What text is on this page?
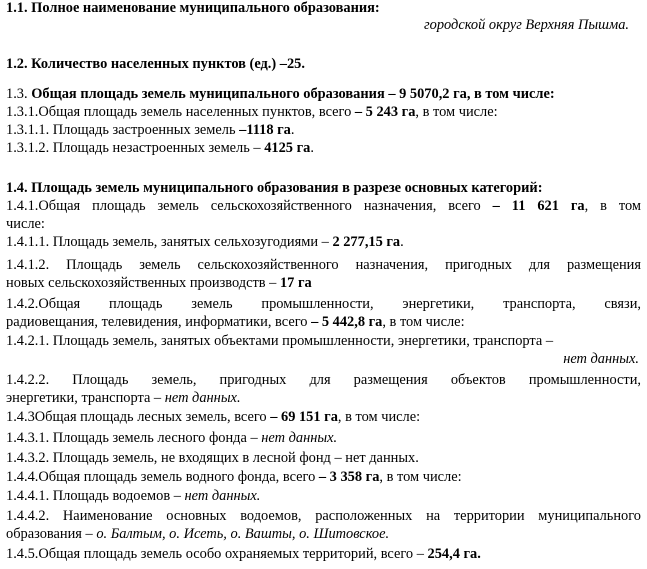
1.1. Полное наименование муниципального образования:
городской округ Верхняя Пышма.
1.2. Количество населенных пунктов (ед.) –25.
1.3. Общая площадь земель муниципального образования – 9 5070,2 га, в том числе:
1.3.1.Общая площадь земель населенных пунктов, всего – 5 243 га, в том числе:
1.3.1.1. Площадь застроенных земель –1118 га.
1.3.1.2. Площадь незастроенных земель – 4125 га.
1.4. Площадь земель муниципального образования в разрезе основных категорий:
1.4.1.Общая площадь земель сельскохозяйственного назначения, всего – 11 621 га, в том
числе:
1.4.1.1. Площадь земель, занятых сельхозугодиями – 2 277,15 га.
1.4.1.2. Площадь земель сельскохозяйственного назначения, пригодных для размещения
новых сельскохозяйственных производств – 17 га
1.4.2.Общая площадь земель промышленности, энергетики, транспорта, связи,
радиовещания, телевидения, информатики, всего – 5 442,8 га, в том числе:
1.4.2.1. Площадь земель, занятых объектами промышленности, энергетики, транспорта –
нет данных.
1.4.2.2. Площадь земель, пригодных для размещения объектов промышленности,
энергетики, транспорта – нет данных.
1.4.3Общая площадь лесных земель, всего – 69 151 га, в том числе:
1.4.3.1. Площадь земель лесного фонда – нет данных.
1.4.3.2. Площадь земель, не входящих в лесной фонд – нет данных.
1.4.4.Общая площадь земель водного фонда, всего – 3 358 га, в том числе:
1.4.4.1. Площадь водоемов – нет данных.
1.4.4.2. Наименование основных водоемов, расположенных на территории муниципального
образования – о. Балтым, о. Исеть, о. Вашты, о. Шитовское.
1.4.5.Общая площадь земель особо охраняемых территорий, всего – 254,4 га.
